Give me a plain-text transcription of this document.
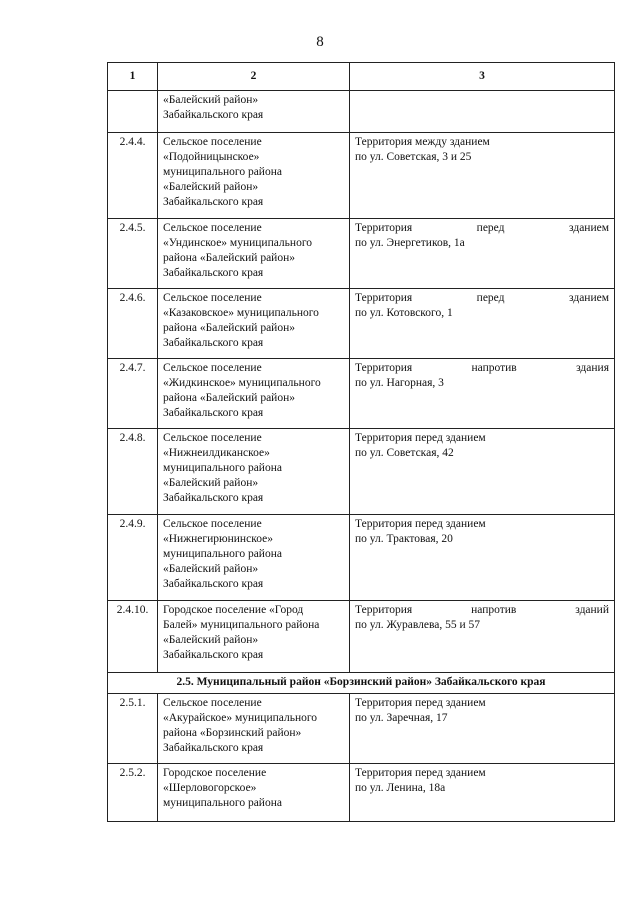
8
1	2	3

	«Балейский район»
Забайкальского края	

2.4.4.	Сельское поселение
«Подойницынское»
муниципального района
«Балейский район»
Забайкальского края	Территория между зданием
по ул. Советская, 3 и 25

2.4.5.	Сельское поселение
«Ундинское» муниципального
района «Балейский район»
Забайкальского края	Территория перед зданием
по ул. Энергетиков, 1а

2.4.6.	Сельское поселение
«Казаковское» муниципального
района «Балейский район»
Забайкальского края	Территория перед зданием
по ул. Котовского, 1

2.4.7.	Сельское поселение
«Жидкинское» муниципального
района «Балейский район»
Забайкальского края	Территория напротив здания
по ул. Нагорная, 3

2.4.8.	Сельское поселение
«Нижнеилдиканское»
муниципального района
«Балейский район»
Забайкальского края	Территория перед зданием
по ул. Советская, 42

2.4.9.	Сельское поселение
«Нижнегирюнинское»
муниципального района
«Балейский район»
Забайкальского края	Территория перед зданием
по ул. Трактовая, 20

2.4.10.	Городское поселение «Город
Балей» муниципального района
«Балейский район»
Забайкальского края	Территория напротив зданий
по ул. Журавлева, 55 и 57

2.5. Муниципальный район «Борзинский район» Забайкальского края		
2.5.1.	Сельское поселение
«Акурайское» муниципального
района «Борзинский район»
Забайкальского края	Территория перед зданием
по ул. Заречная, 17

2.5.2.	Городское поселение
«Шерловогорское»
муниципального района	Территория перед зданием
по ул. Ленина, 18а
